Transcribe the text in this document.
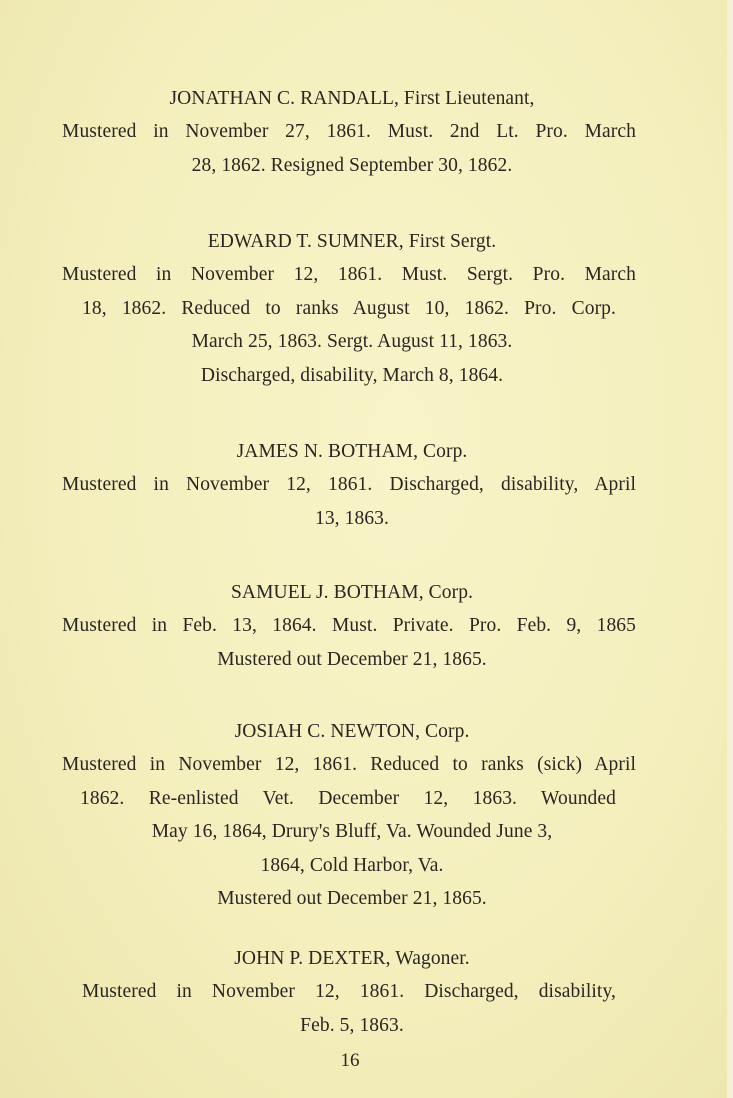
JONATHAN C. RANDALL, First Lieutenant,
Mustered in November 27, 1861. Must. 2nd Lt. Pro. March
28, 1862. Resigned September 30, 1862.
EDWARD T. SUMNER, First Sergt.
Mustered in November 12, 1861. Must. Sergt. Pro. March
18, 1862. Reduced to ranks August 10, 1862. Pro. Corp.
March 25, 1863. Sergt. August 11, 1863.
Discharged, disability, March 8, 1864.
JAMES N. BOTHAM, Corp.
Mustered in November 12, 1861. Discharged, disability, April
13, 1863.
SAMUEL J. BOTHAM, Corp.
Mustered in Feb. 13, 1864. Must. Private. Pro. Feb. 9, 1865
Mustered out December 21, 1865.
JOSIAH C. NEWTON, Corp.
Mustered in November 12, 1861. Reduced to ranks (sick) April
1862. Re-enlisted Vet. December 12, 1863. Wounded
May 16, 1864, Drury's Bluff, Va. Wounded June 3,
1864, Cold Harbor, Va.
Mustered out December 21, 1865.
JOHN P. DEXTER, Wagoner.
Mustered in November 12, 1861. Discharged, disability,
Feb. 5, 1863.
16
